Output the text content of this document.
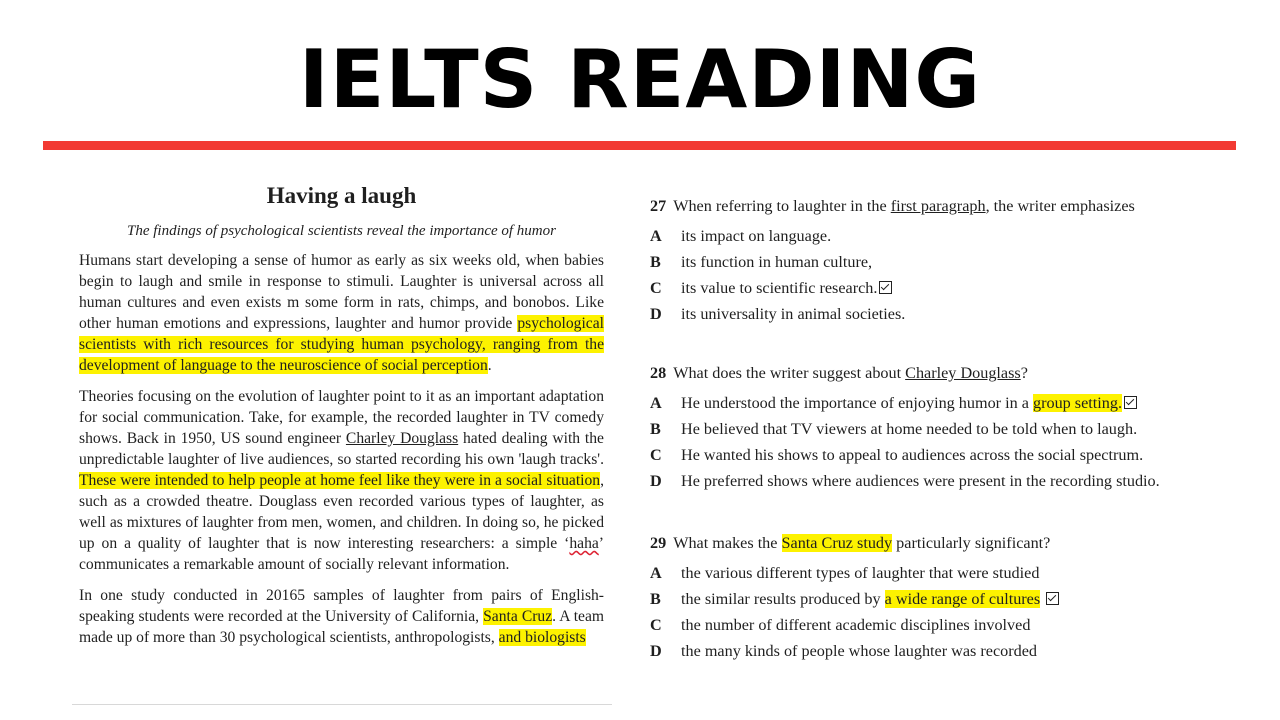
IELTS READING
Having a laugh
The findings of psychological scientists reveal the importance of humor

Humans start developing a sense of humor as early as six weeks old, when babies begin to laugh and smile in response to stimuli. Laughter is universal across all human cultures and even exists m some form in rats, chimps, and bonobos. Like other human emotions and expressions, laughter and humor provide psychological scientists with rich resources for studying human psychology, ranging from the development of language to the neuroscience of social perception.

Theories focusing on the evolution of laughter point to it as an important adaptation for social communication. Take, for example, the recorded laughter in TV comedy shows. Back in 1950, US sound engineer Charley Douglass hated dealing with the unpredictable laughter of live audiences, so started recording his own 'laugh tracks'. These were intended to help people at home feel like they were in a social situation, such as a crowded theatre. Douglass even recorded various types of laughter, as well as mixtures of laughter from men, women, and children. In doing so, he picked up on a quality of laughter that is now interesting researchers: a simple ‘haha’ communicates a remarkable amount of socially relevant information.

In one study conducted in 20165 samples of laughter from pairs of English-speaking students were recorded at the University of California, Santa Cruz. A team made up of more than 30 psychological scientists, anthropologists, and biologists

27 When referring to laughter in the first paragraph, the writer emphasizes
A	its impact on language.
B	its function in human culture,
C	its value to scientific research.
D	its universality in animal societies.
28 What does the writer suggest about Charley Douglass?
A	He understood the importance of enjoying humor in a group setting.
B	He believed that TV viewers at home needed to be told when to laugh.
C	He wanted his shows to appeal to audiences across the social spectrum.
D	He preferred shows where audiences were present in the recording studio.
29 What makes the Santa Cruz study particularly significant?
A	the various different types of laughter that were studied
B	the similar results produced by a wide range of cultures
C	the number of different academic disciplines involved
D	the many kinds of people whose laughter was recorded
